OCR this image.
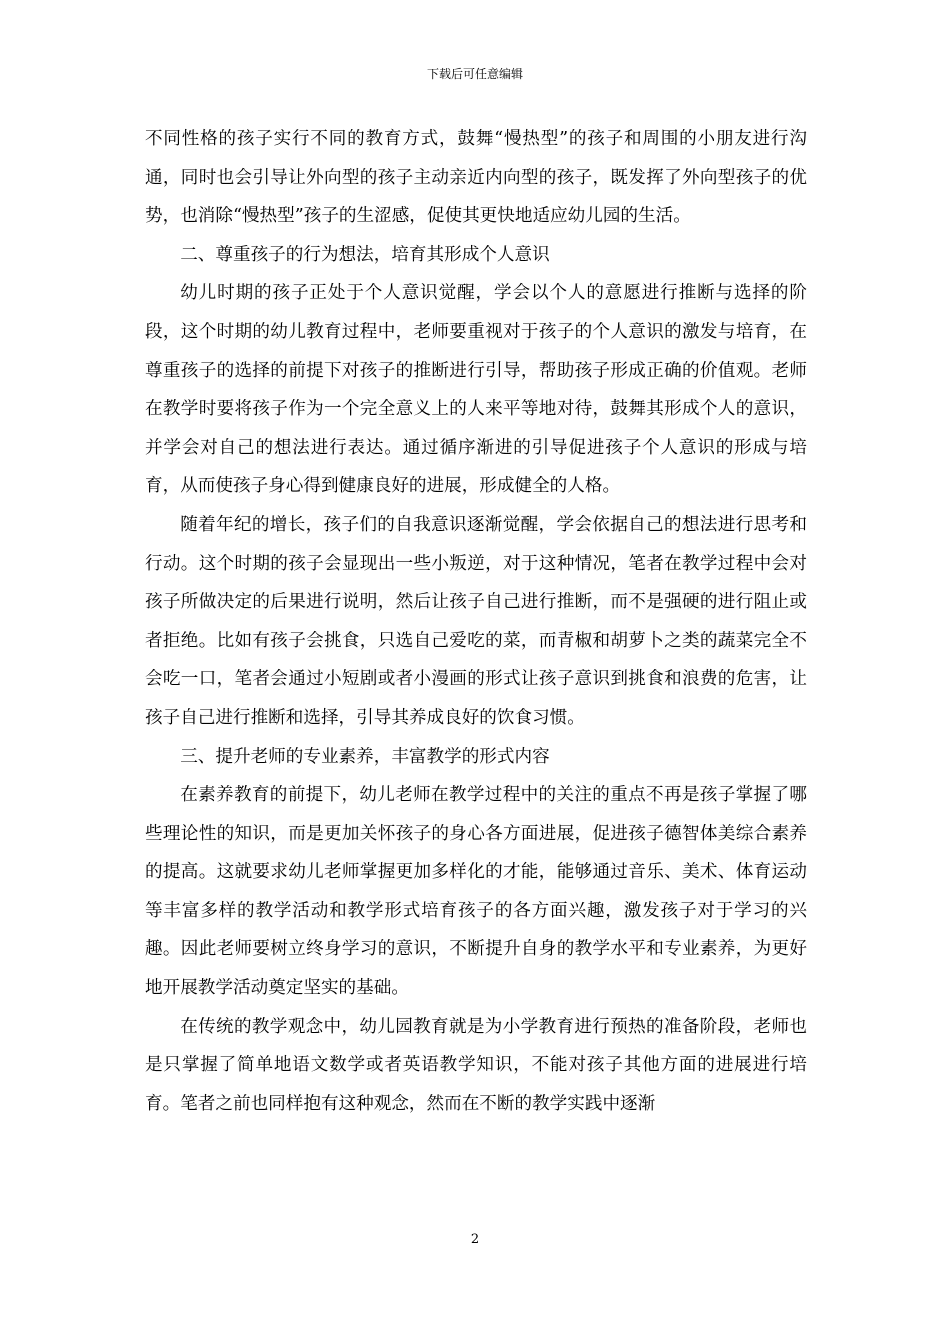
下载后可任意编辑

不同性格的孩子实行不同的教育方式，鼓舞“慢热型”的孩子和周围的小朋友进行沟通，同时也会引导让外向型的孩子主动亲近内向型的孩子，既发挥了外向型孩子的优势，也消除“慢热型”孩子的生涩感，促使其更快地适应幼儿园的生活。

二、尊重孩子的行为想法，培育其形成个人意识

幼儿时期的孩子正处于个人意识觉醒，学会以个人的意愿进行推断与选择的阶段，这个时期的幼儿教育过程中，老师要重视对于孩子的个人意识的激发与培育，在尊重孩子的选择的前提下对孩子的推断进行引导，帮助孩子形成正确的价值观。老师在教学时要将孩子作为一个完全意义上的人来平等地对待，鼓舞其形成个人的意识，并学会对自己的想法进行表达。通过循序渐进的引导促进孩子个人意识的形成与培育，从而使孩子身心得到健康良好的进展，形成健全的人格。

随着年纪的增长，孩子们的自我意识逐渐觉醒，学会依据自己的想法进行思考和行动。这个时期的孩子会显现出一些小叛逆，对于这种情况，笔者在教学过程中会对孩子所做决定的后果进行说明，然后让孩子自己进行推断，而不是强硬的进行阻止或者拒绝。比如有孩子会挑食，只选自己爱吃的菜，而青椒和胡萝卜之类的蔬菜完全不会吃一口，笔者会通过小短剧或者小漫画的形式让孩子意识到挑食和浪费的危害，让孩子自己进行推断和选择，引导其养成良好的饮食习惯。

三、提升老师的专业素养，丰富教学的形式内容

在素养教育的前提下，幼儿老师在教学过程中的关注的重点不再是孩子掌握了哪些理论性的知识，而是更加关怀孩子的身心各方面进展，促进孩子德智体美综合素养的提高。这就要求幼儿老师掌握更加多样化的才能，能够通过音乐、美术、体育运动等丰富多样的教学活动和教学形式培育孩子的各方面兴趣，激发孩子对于学习的兴趣。因此老师要树立终身学习的意识，不断提升自身的教学水平和专业素养，为更好地开展教学活动奠定坚实的基础。

在传统的教学观念中，幼儿园教育就是为小学教育进行预热的准备阶段，老师也是只掌握了简单地语文数学或者英语教学知识，不能对孩子其他方面的进展进行培育。笔者之前也同样抱有这种观念，然而在不断的教学实践中逐渐

2
